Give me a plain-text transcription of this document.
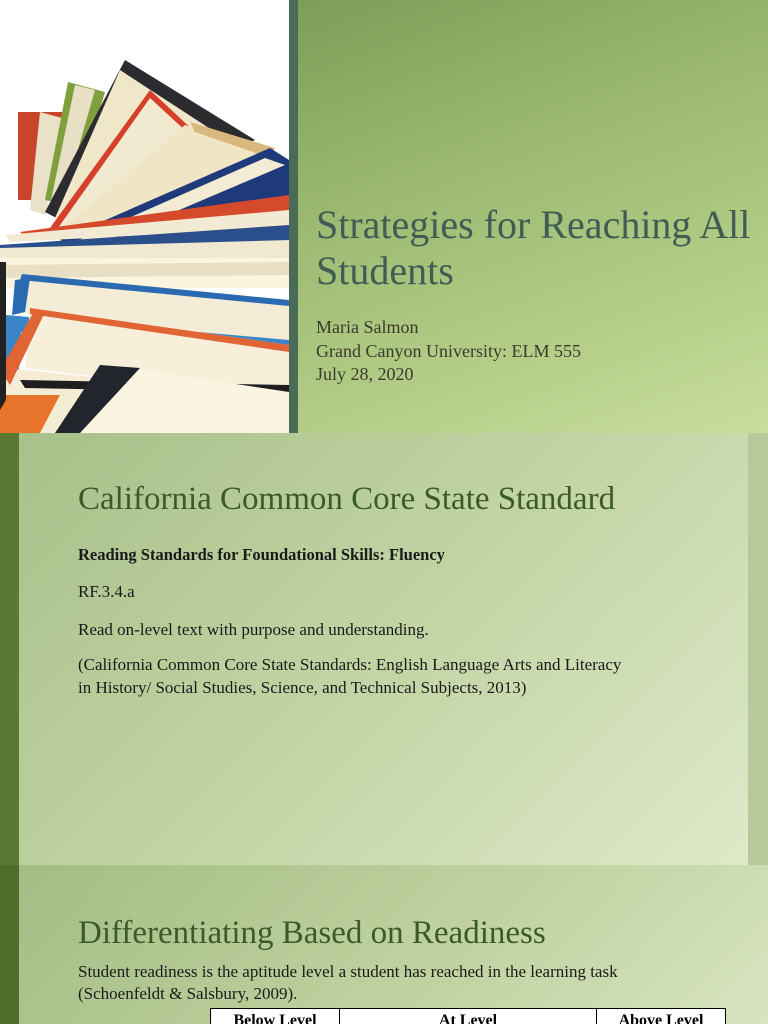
Strategies for Reaching All Students
Maria Salmon
Grand Canyon University: ELM 555
July 28, 2020
California Common Core State Standard
Reading Standards for Foundational Skills: Fluency
RF.3.4.a
Read on-level text with purpose and understanding.
(California Common Core State Standards: English Language Arts and Literacy
in History/ Social Studies, Science, and Technical Subjects, 2013)
Differentiating Based on Readiness
Student readiness is the aptitude level a student has reached in the learning task
(Schoenfeldt & Salsbury, 2009).
Below Level	At Level	Above Level
